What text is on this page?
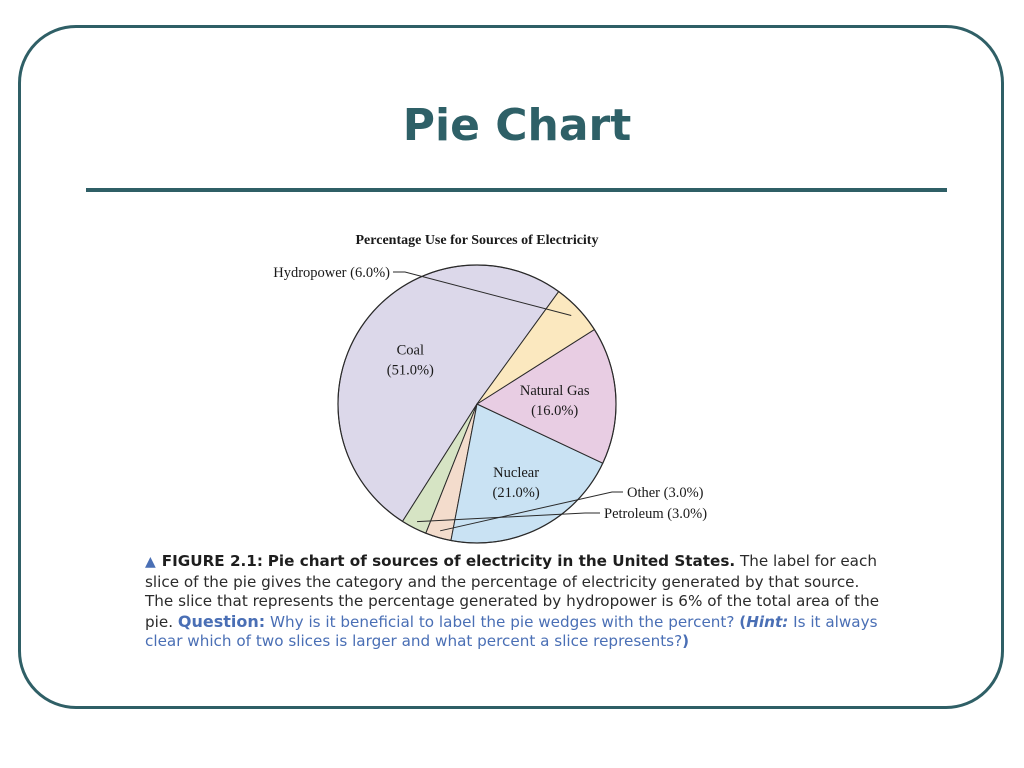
Pie Chart
Percentage Use for Sources of Electricity
Coal
(51.0%)
Nuclear
(21.0%)
Natural Gas
(16.0%)
Hydropower (6.0%)
Other (3.0%)
Petroleum (3.0%)

▲ FIGURE 2.1: Pie chart of sources of electricity in the United States. The label for each slice of the pie gives the category and the percentage of electricity generated by that source. The slice that represents the percentage generated by hydropower is 6% of the total area of the pie. Question: Why is it beneficial to label the pie wedges with the percent? (Hint: Is it always clear which of two slices is larger and what percent a slice represents?)
